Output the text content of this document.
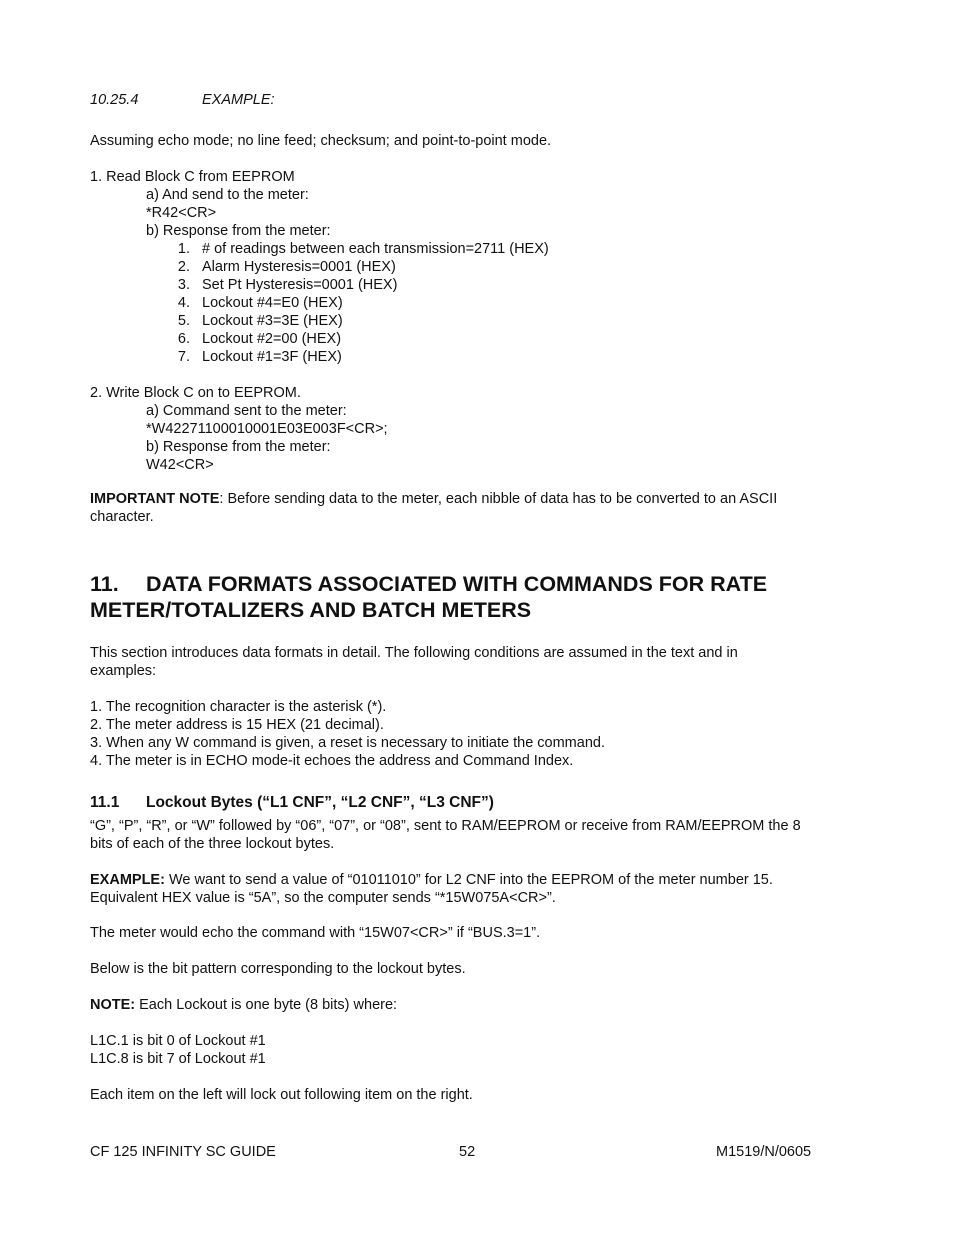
10.25.4	EXAMPLE:
Assuming echo mode; no line feed; checksum; and point-to-point mode.
1. Read Block C from EEPROM
a) And send to the meter:
*R42<CR>
b) Response from the meter:
1. # of readings between each transmission=2711 (HEX)
2. Alarm Hysteresis=0001 (HEX)
3. Set Pt Hysteresis=0001 (HEX)
4. Lockout #4=E0 (HEX)
5. Lockout #3=3E (HEX)
6. Lockout #2=00 (HEX)
7. Lockout #1=3F (HEX)
2. Write Block C on to EEPROM.
a) Command sent to the meter:
*W42271100010001E03E003F<CR>;
b) Response from the meter:
W42<CR>
IMPORTANT NOTE: Before sending data to the meter, each nibble of data has to be converted to an ASCII
character.
11. DATA FORMATS ASSOCIATED WITH COMMANDS FOR RATE
METER/TOTALIZERS AND BATCH METERS
This section introduces data formats in detail. The following conditions are assumed in the text and in
examples:
1. The recognition character is the asterisk (*).
2. The meter address is 15 HEX (21 decimal).
3. When any W command is given, a reset is necessary to initiate the command.
4. The meter is in ECHO mode-it echoes the address and Command Index.
11.1 Lockout Bytes (“L1 CNF”, “L2 CNF”, “L3 CNF”)
“G”, “P”, “R”, or “W” followed by “06”, “07”, or “08”, sent to RAM/EEPROM or receive from RAM/EEPROM the 8
bits of each of the three lockout bytes.
EXAMPLE: We want to send a value of “01011010” for L2 CNF into the EEPROM of the meter number 15.
Equivalent HEX value is “5A”, so the computer sends “*15W075A<CR>”.
The meter would echo the command with “15W07<CR>” if “BUS.3=1”.
Below is the bit pattern corresponding to the lockout bytes.
NOTE: Each Lockout is one byte (8 bits) where:
L1C.1 is bit 0 of Lockout #1
L1C.8 is bit 7 of Lockout #1
Each item on the left will lock out following item on the right.
CF 125 INFINITY SC GUIDE	52	M1519/N/0605
